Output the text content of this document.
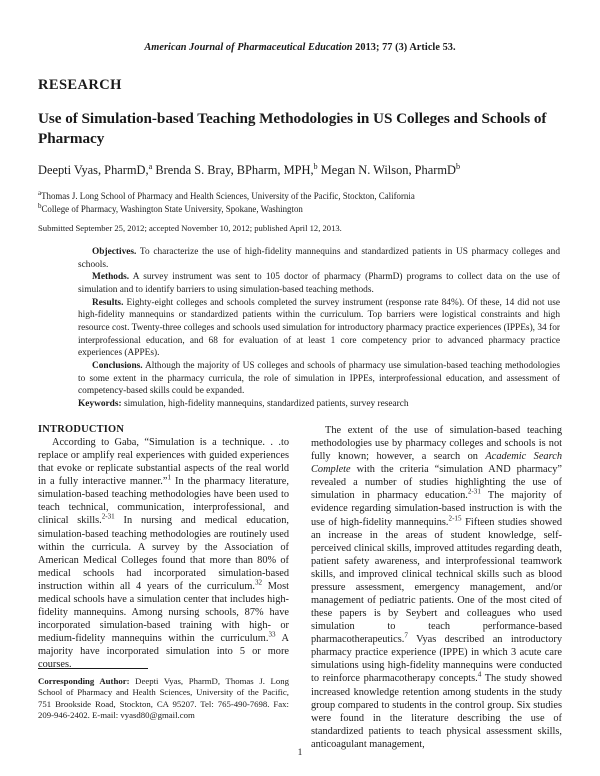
American Journal of Pharmaceutical Education 2013; 77 (3) Article 53.
RESEARCH
Use of Simulation-based Teaching Methodologies in US Colleges and Schools of Pharmacy
Deepti Vyas, PharmD,$^a$ Brenda S. Bray, BPharm, MPH,$^b$ Megan N. Wilson, PharmD$^b$
$^a$Thomas J. Long School of Pharmacy and Health Sciences, University of the Pacific, Stockton, California
$^b$College of Pharmacy, Washington State University, Spokane, Washington
Submitted September 25, 2012; accepted November 10, 2012; published April 12, 2013.

Objectives. To characterize the use of high-fidelity mannequins and standardized patients in US pharmacy colleges and schools.

Methods. A survey instrument was sent to 105 doctor of pharmacy (PharmD) programs to collect data on the use of simulation and to identify barriers to using simulation-based teaching methods.

Results. Eighty-eight colleges and schools completed the survey instrument (response rate 84%). Of these, 14 did not use high-fidelity mannequins or standardized patients within the curriculum. Top barriers were logistical constraints and high resource cost. Twenty-three colleges and schools used simulation for introductory pharmacy practice experiences (IPPEs), 34 for interprofessional education, and 68 for evaluation of at least 1 core competency prior to advanced pharmacy practice experiences (APPEs).

Conclusions. Although the majority of US colleges and schools of pharmacy use simulation-based teaching methodologies to some extent in the pharmacy curricula, the role of simulation in IPPEs, interprofessional education, and assessment of competency-based skills could be expanded.

Keywords: simulation, high-fidelity mannequins, standardized patients, survey research

INTRODUCTION

According to Gaba, “Simulation is a technique. . .to replace or amplify real experiences with guided experiences that evoke or replicate substantial aspects of the real world in a fully interactive manner.”$^1$ In the pharmacy literature, simulation-based teaching methodologies have been used to teach technical, communication, interprofessional, and clinical skills.$^{2-31}$ In nursing and medical education, simulation-based teaching methodologies are routinely used within the curricula. A survey by the Association of American Medical Colleges found that more than 80% of medical schools had incorporated simulation-based instruction within all 4 years of the curriculum.$^{32}$ Most medical schools have a simulation center that includes high-fidelity mannequins. Among nursing schools, 87% have incorporated simulation-based training with high- or medium-fidelity mannequins within the curriculum.$^{33}$ A majority have incorporated simulation into 5 or more courses.

The extent of the use of simulation-based teaching methodologies use by pharmacy colleges and schools is not fully known; however, a search on Academic Search Complete with the criteria “simulation AND pharmacy” revealed a number of studies highlighting the use of simulation in pharmacy education.$^{2-31}$ The majority of evidence regarding simulation-based instruction is with the use of high-fidelity mannequins.$^{2-15}$ Fifteen studies showed an increase in the areas of student knowledge, self-perceived clinical skills, improved attitudes regarding death, patient safety awareness, and interprofessional teamwork skills, and improved clinical technical skills such as blood pressure assessment, emergency management, and/or management of pediatric patients. One of the most cited of these papers is by Seybert and colleagues who used simulation to teach performance-based pharmacotherapeutics.$^7$ Vyas described an introductory pharmacy practice experience (IPPE) in which 3 acute care simulations using high-fidelity mannequins were conducted to reinforce pharmacotherapy concepts.$^4$ The study showed increased knowledge retention among students in the study group compared to students in the control group. Six studies were found in the literature describing the use of standardized patients to teach physical assessment skills, anticoagulant management,

Corresponding Author: Deepti Vyas, PharmD, Thomas J. Long School of Pharmacy and Health Sciences, University of the Pacific, 751 Brookside Road, Stockton, CA 95207. Tel: 765-490-7698. Fax: 209-946-2402. E-mail: vyasd80@gmail.com

1
